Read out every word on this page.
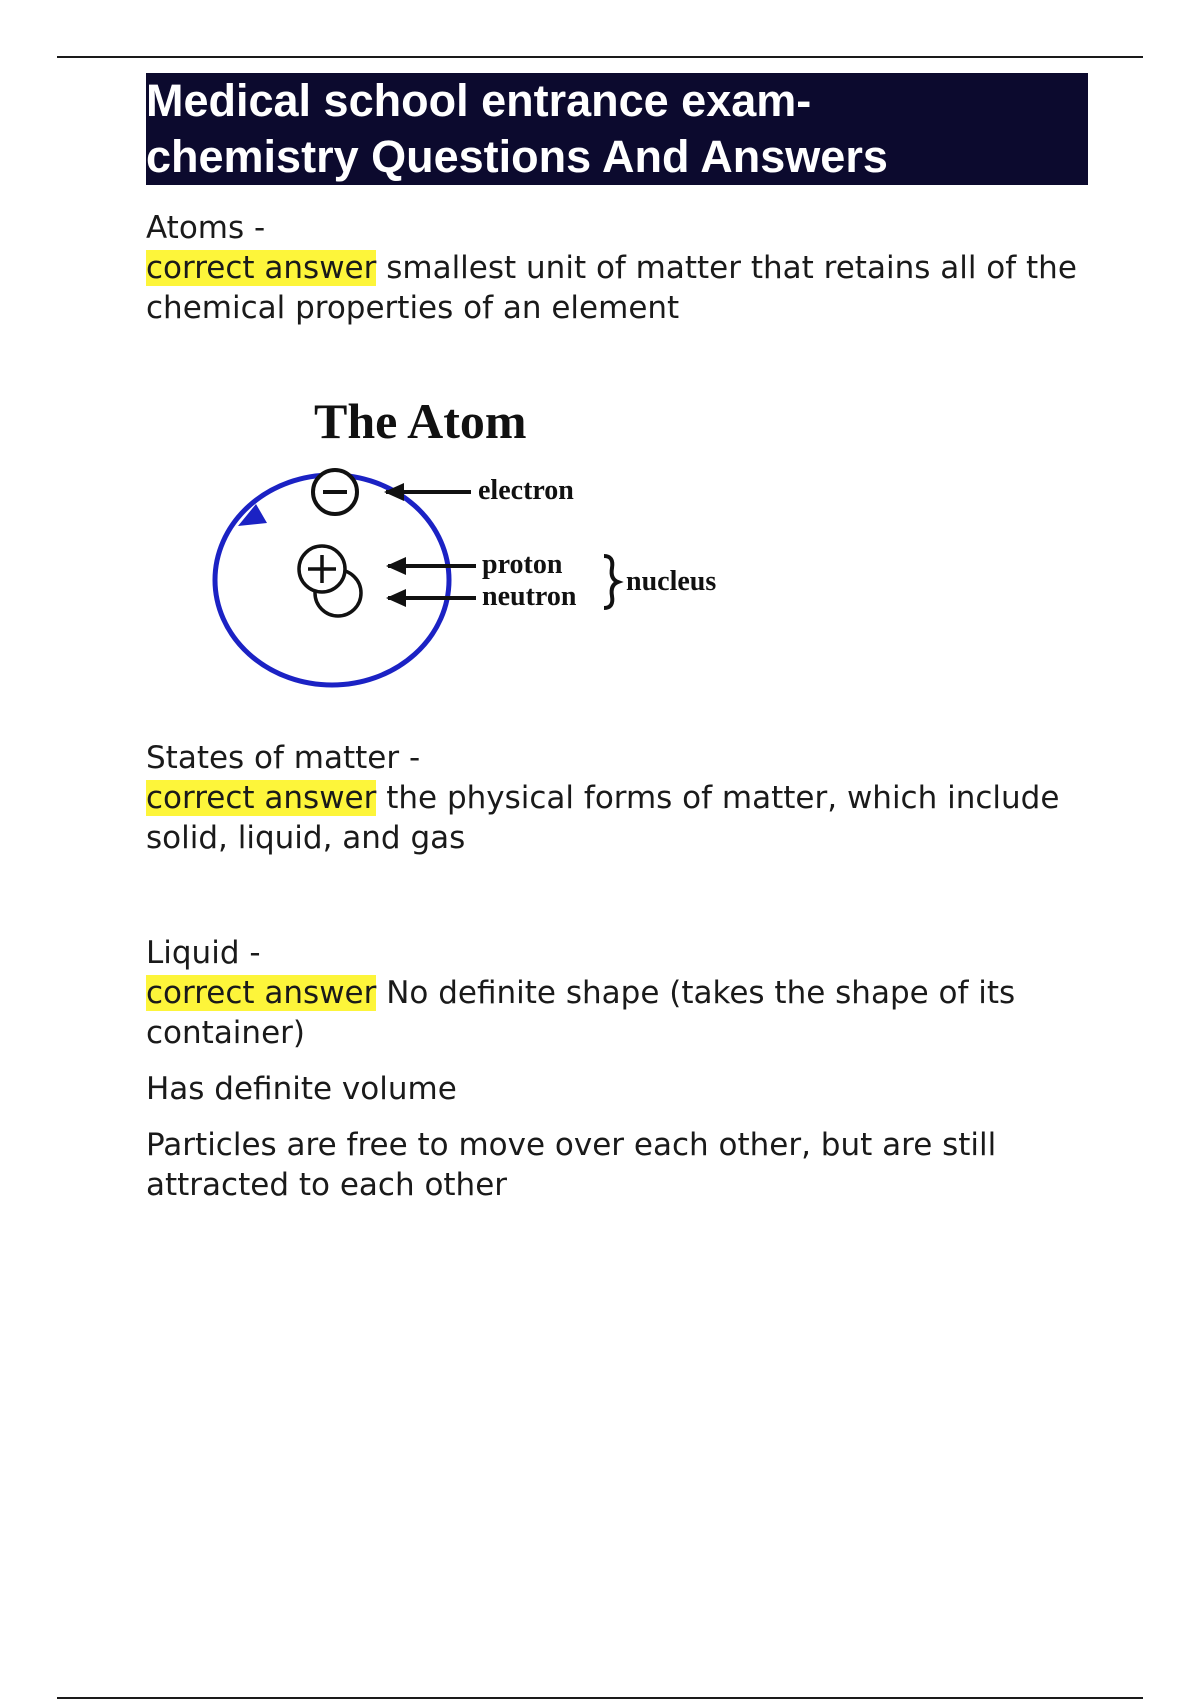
Medical school entrance exam-
chemistry Questions And Answers

Atoms -

correct answer smallest unit of matter that retains all of the chemical properties of an element

The Atom
electron
proton
neutron nucleus

States of matter -

correct answer the physical forms of matter, which include solid, liquid, and gas

Liquid -

correct answer No definite shape (takes the shape of its container)

Has definite volume

Particles are free to move over each other, but are still attracted to each other
